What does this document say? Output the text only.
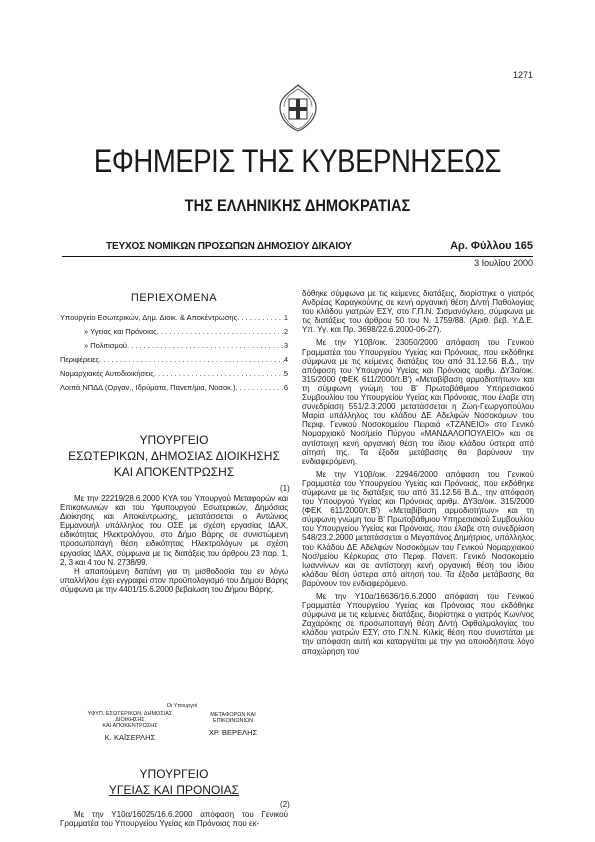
1271
ΕΦΗΜΕΡΙΣ ΤΗΣ ΚΥΒΕΡΝΗΣΕΩΣ
ΤΗΣ ΕΛΛΗΝΙΚΗΣ ΔΗΜΟΚΡΑΤΙΑΣ
ΤΕΥΧΟΣ ΝΟΜΙΚΩΝ ΠΡΟΣΩΠΩΝ ΔΗΜΟΣΙΟΥ ΔΙΚΑΙΟΥ	Αρ. Φύλλου 165
3 Ιουλίου 2000
ΠΕΡΙΕΧΟΜΕΝΑ
Υπουργείο Εσωτερικών, Δημ. Διοικ. & Αποκέντρωσης . . .	1
» Υγείας και Πρόνοιας . . .	2
» Πολιτισμού . . .	3
Περιφέρειες . . .	4
Νομαρχιακές Αυτοδιοικήσεις . . .	5
Λοιπά ΝΠΔΔ (Οργαν., Ιδρύματα, Πανεπ/μια, Νοσοκ.) . . .	6
ΥΠΟΥΡΓΕΙΟ
ΕΣΩΤΕΡΙΚΩΝ, ΔΗΜΟΣΙΑΣ ΔΙΟΙΚΗΣΗΣ
ΚΑΙ ΑΠΟΚΕΝΤΡΩΣΗΣ
(1)

Με την 22219/28.6.2000 ΚΥΑ του Υπουργού Μεταφορών και Επικοινωνιών και του Υφυπουργού Εσωτερικών, Δημόσιας Διοίκησης και Αποκέντρωσης, μετατάσσεται ο Αντώνιος Εμμανουήλ υπάλληλος του ΟΣΕ με σχέση εργασίας ΙΔΑΧ, ειδικότητας Ηλεκτρολόγου, στο Δήμο Βάρης σε συνιστώμενη προσωποπαγή θέση ειδικότητας Ηλεκτρολόγων με σχέση εργασίας ΙΔΑΧ, σύμφωνα με τις διατάξεις του άρθρου 23 παρ. 1, 2, 3 και 4 του Ν. 2738/99.

Η απαιτούμενη δαπάνη για τη μισθοδοσία του εν λόγω υπαλλήλου έχει εγγραφεί στον προϋπολογισμό του Δήμου Βάρης σύμφωνα με την 4401/15.6.2000 βεβαίωση του Δήμου Βάρης.

Οι Υπουργοί
ΥΦΥΠ. ΕΣΩΤΕΡΙΚΩΝ, ΔΗΜΟΣΙΑΣ ΔΙΟΙΚΗΣΗΣ
ΚΑΙ ΑΠΟΚΕΝΤΡΩΣΗΣ
Κ. ΚΑΪΣΕΡΛΗΣ
ΜΕΤΑΦΟΡΩΝ ΚΑΙ
ΕΠΙΚΟΙΝΩΝΙΩΝ
ΧΡ. ΒΕΡΕΛΗΣ
ΥΠΟΥΡΓΕΙΟ
ΥΓΕΙΑΣ ΚΑΙ ΠΡΟΝΟΙΑΣ
(2)

Με την Υ10α/16025/16.6.2000 απόφαση του Γενικού Γραμματέα του Υπουργείου Υγείας και Πρόνοιας που εκ-

δόθηκε σύμφωνα με τις κείμενες διατάξεις, διορίστηκε ο γιατρός Ανδρέας Καραγκούνης σε κενή οργανική θέση Δ/ντή Παθολογίας του κλάδου γιατρών ΕΣΥ, στο Γ.Π.Ν. Σισμανόγλειο, σύμφωνα με τις διατάξεις του άρθρου 50 του Ν. 1759/88. (Αριθ. βεβ. Υ.Δ.Ε. Υπ. Υγ. και Πρ. 3698/22.6.2000-06-27).

Με την Υ10β/οικ. 23050/2000 απόφαση του Γενικού Γραμματέα του Υπουργείου Υγείας και Πρόνοιας, που εκδόθηκε σύμφωνα με τις κείμενες διατάξεις του από 31.12.56 Β.Δ., την απόφαση του Υπουργού Υγείας και Πρόνοιας αριθμ. ΔΥ3α/οικ. 315/2000 (ΦΕΚ 611/2000/τ.Β') «Μεταβίβαση αρμοδιοτήτων» και τη σύμφωνη γνώμη του Β' Πρωτοβάθμιου Υπηρεσιακού Συμβουλίου του Υπουργείου Υγείας και Πρόνοιας, που έλαβε στη συνεδρίαση 551/2.3.2000 μετατάσσεται η Ζώη-Γεωργοπούλου Μαρία υπάλληλος του κλάδου ΔΕ Αδελφών Νοσοκόμων του Περιφ. Γενικού Νοσοκομείου Πειραιά «ΤΖΑΝΕΙΟ» στο Γενικό Νομαρχιακό Νοσ/μείο Πύργου «ΜΑΝΔΑΛΟΠΟΥΛΕΙΟ» και σε αντίστοιχη κενή οργανική θέση του ίδιου κλάδου ύστερα από αίτησή της. Τα έξοδα μετάβασης θα βαρύνουν την ενδιαφερόμενη.

Με την Υ10β/οικ. 22946/2000 απόφαση του Γενικού Γραμματέα του Υπουργείου Υγείας και Πρόνοιας, που εκδόθηκε σύμφωνα με τις διατάξεις του από 31.12.56 Β.Δ., την απόφαση του Υπουργού Υγείας και Πρόνοιας αριθμ. ΔΥ3α/οικ. 315/2000 (ΦΕΚ 611/2000/τ.Β') «Μεταβίβαση αρμοδιοτήτων» και τη σύμφωνη γνώμη του Β' Πρωτοβάθμιου Υπηρεσιακού Συμβουλίου του Υπουργείου Υγείας και Πρόνοιας, που έλαβε στη συνεδρίαση 548/23.2.2000 μετατάσσεται ο Μεγαπάνος Δημήτριος, υπάλληλος του Κλάδου ΔΕ Αδελφών Νοσοκόμων του Γενικού Νομαρχιακού Νοσ/μείου Κέρκυρας στο Περιφ. Πανεπ. Γενικό Νοσοκομείο Ιωαννίνων και σε αντίστοιχη κενή οργανική θέση του ίδιου κλάδου θέση ύστερα από αίτησή του. Τα έξοδα μετάβασης θα βαρύνουν τον ενδιαφερόμενο.

Με την Υ10α/16636/16.6.2000 απόφαση του Γενικού Γραμματέα Υπουργείου Υγείας και Πρόνοιας που εκδόθηκε σύμφωνα με τις κείμενες διατάξεις, διορίστηκε ο γιατρός Κων/νος Ζαχαρόκης σε προσωποπαγή θέση Δ/ντή Οφθαλμολογίας του κλάδου γιατρών ΕΣΥ, στο Γ.Ν.Ν. Κιλκίς θέση που συνιστάται με την απόφαση αυτή και καταργείται με την για οποιοδήποτε λόγο αποχώρηση του
